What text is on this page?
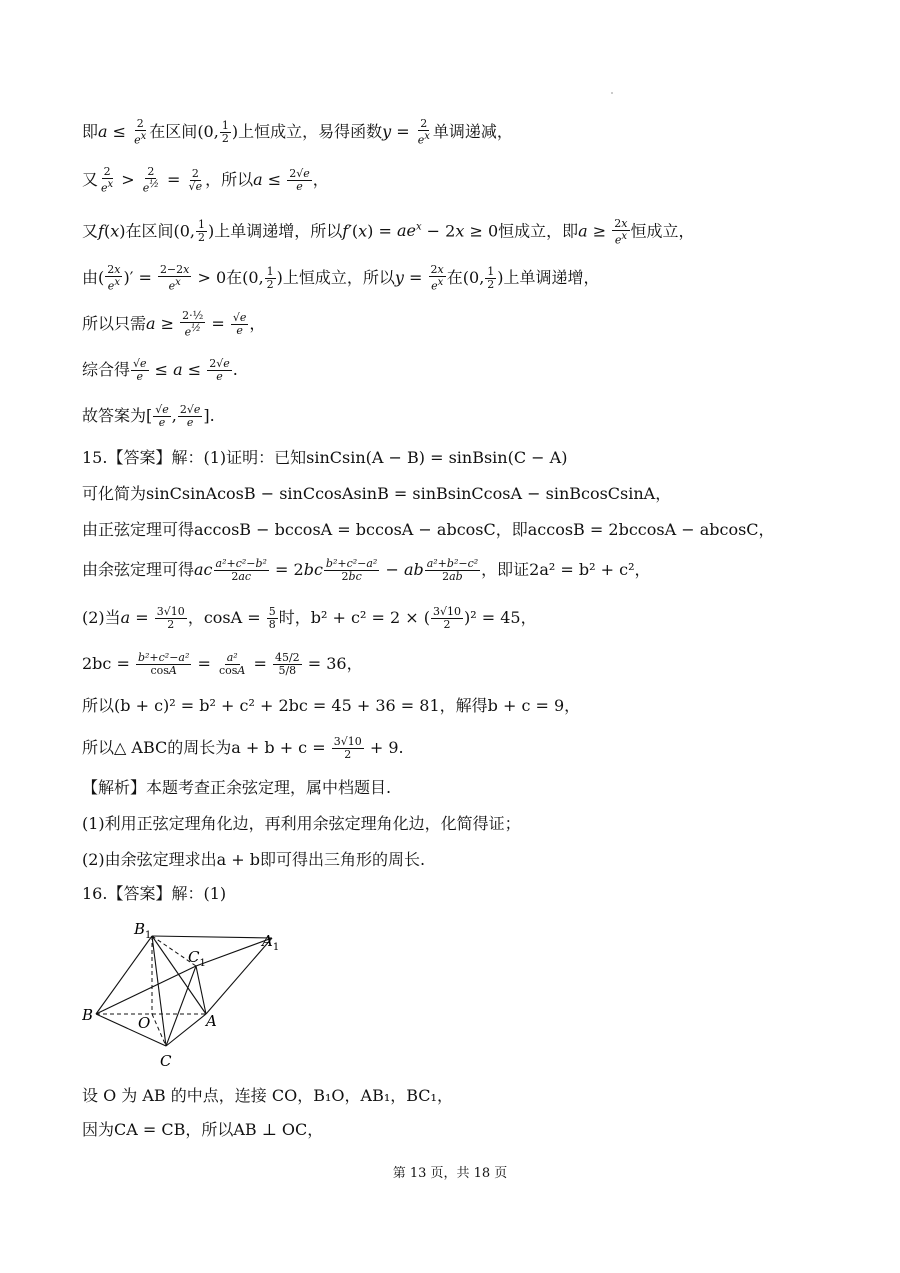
即$a \le \frac{2}{e^x}$ 在区间(0, $\frac{1}{2}$ )上恒成立，易得函数$y = \frac{2}{e^x}$ 单调递减，
又 $\frac{2}{e^x} > \frac{2}{e^{\frac{1}{2}}} = \frac{2}{√e}$ ，所以$a \le \frac{2√e}{e}$ ，
又f(x)在区间(0, $\frac{1}{2}$ )上单调递增，所以$f'(x) = ae^x - 2x \ge 0$恒成立，即$a \ge \frac{2x}{e^x}$ 恒成立，
由( $\frac{2x}{e^x}$ )′ = $\frac{2-2x}{e^x} > 0$在(0, $\frac{1}{2}$ )上恒成立，所以$y = \frac{2x}{e^x}$ 在(0, $\frac{1}{2}$ )上单调递增，
所以只需$a \ge \frac{\text{2·½}}{e^{\frac{1}{2}}} = \frac{√e}{e}$ ，
综合得 $\frac{√e}{e} \le a \le \frac{2√e}{e}$ .
故答案为[ $\frac{√e}{e}$ , $\frac{2√e}{e}$ ].
15.【答案】解：(1)证明：已知sinCsin(A − B) = sinBsin(C − A)
可化简为sinCsinAcosB − sinCcosAsinB = sinBsinCcosA − sinBcosCsinA，
由正弦定理可得accosB − bccosA = bccosA − abcosC，即accosB = 2bccosA − abcosC，
由余弦定理可得ac $\frac{\text{a²+c²−b²}}{2ac} = 2bc \frac{\text{b²+c²−a²}}{2bc}$ − ab $\frac{\text{a²+b²−c²}}{2ab}$ ，即证2a² = b² + c²，
(2)当$a = \frac{3√10}{2}$ ，$\cos A = \frac{5}{8}$ 时，b² + c² = 2 × ( $\frac{3√10}{2} )^2 = 45$，
$2bc = \frac{\text{b²+c²−a²}}{\cos A} = \frac{\text{a²}}{\cos A} = \frac{45/2}{5/8} = 36$，
所以(b + c)² = b² + c² + 2bc = 45 + 36 = 81，解得b + c = 9，
所以△ ABC的周长为$a + b + c = \frac{3√10}{2} + 9$.
【解析】本题考查正余弦定理，属中档题目.
(1)利用正弦定理角化边，再利用余弦定理角化边，化简得证；
(2)由余弦定理求出a + b即可得出三角形的周长.
16.【答案】解：(1)
$B_1$	$A_1$
$C_1$
B	O	A
C
设 O 为 AB 的中点，连接 CO，B₁O，AB₁，BC₁，
因为CA = CB，所以AB ⊥ OC，
第 13 页，共 18 页
